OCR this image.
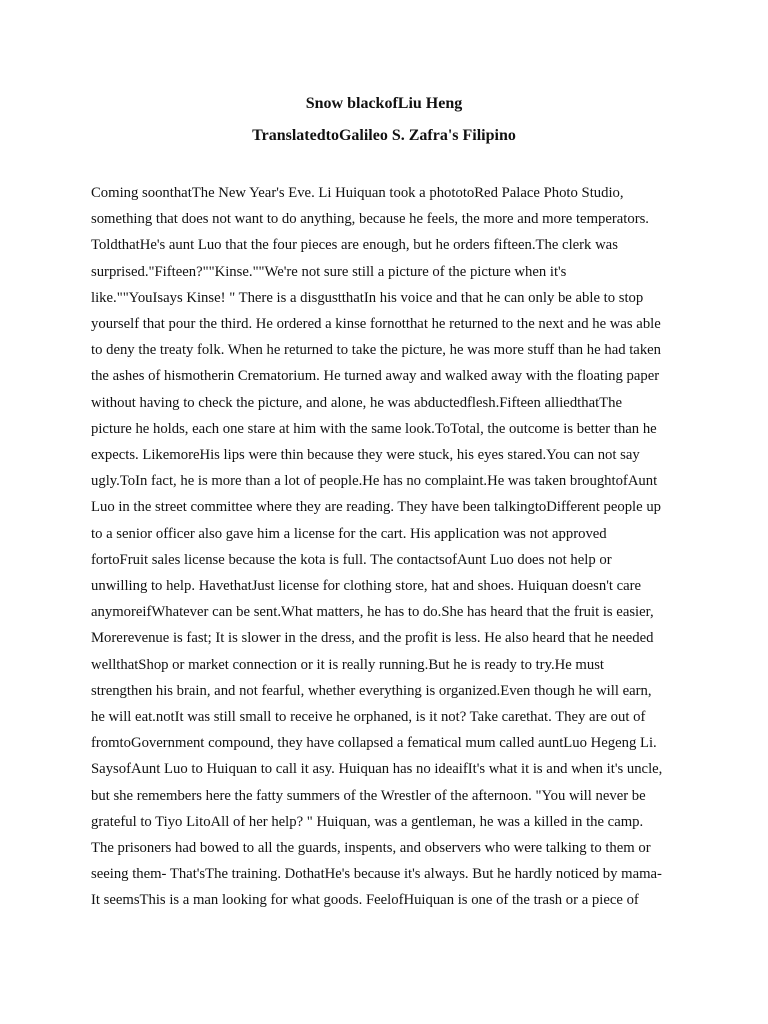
Snow blackofLiu Heng
TranslatedtoGalileo S. Zafra's Filipino
Coming soonthatThe New Year's Eve. Li Huiquan took a phototoRed Palace Photo Studio,
something that does not want to do anything, because he feels, the more and more temperators.
ToldthatHe's aunt Luo that the four pieces are enough, but he orders fifteen.The clerk was
surprised."Fifteen?""Kinse.""We're not sure still a picture of the picture when it's
like.""YouIsays Kinse! " There is a disgustthatIn his voice and that he can only be able to stop
yourself that pour the third. He ordered a kinse fornotthat he returned to the next and he was able
to deny the treaty folk. When he returned to take the picture, he was more stuff than he had taken
the ashes of hismotherin Crematorium. He turned away and walked away with the floating paper
without having to check the picture, and alone, he was abductedflesh.Fifteen alliedthatThe
picture he holds, each one stare at him with the same look.ToTotal, the outcome is better than he
expects. LikemoreHis lips were thin because they were stuck, his eyes stared.You can not say
ugly.ToIn fact, he is more than a lot of people.He has no complaint.He was taken broughtofAunt
Luo in the street committee where they are reading. They have been talkingtoDifferent people up
to a senior officer also gave him a license for the cart. His application was not approved
fortoFruit sales license because the kota is full. The contactsofAunt Luo does not help or
unwilling to help. HavethatJust license for clothing store, hat and shoes. Huiquan doesn't care
anymoreifWhatever can be sent.What matters, he has to do.She has heard that the fruit is easier,
Morerevenue is fast; It is slower in the dress, and the profit is less. He also heard that he needed
wellthatShop or market connection or it is really running.But he is ready to try.He must
strengthen his brain, and not fearful, whether everything is organized.Even though he will earn,
he will eat.notIt was still small to receive he orphaned, is it not? Take carethat. They are out of
fromtoGovernment compound, they have collapsed a fematical mum called auntLuo Hegeng Li.
SaysofAunt Luo to Huiquan to call it asy. Huiquan has no ideaifIt's what it is and when it's uncle,
but she remembers here the fatty summers of the Wrestler of the afternoon. "You will never be
grateful to Tiyo LitoAll of her help? " Huiquan, was a gentleman, he was a killed in the camp.
The prisoners had bowed to all the guards, inspents, and observers who were talking to them or
seeing them- That'sThe training. DothatHe's because it's always. But he hardly noticed by mama-
It seemsThis is a man looking for what goods. FeelofHuiquan is one of the trash or a piece of
